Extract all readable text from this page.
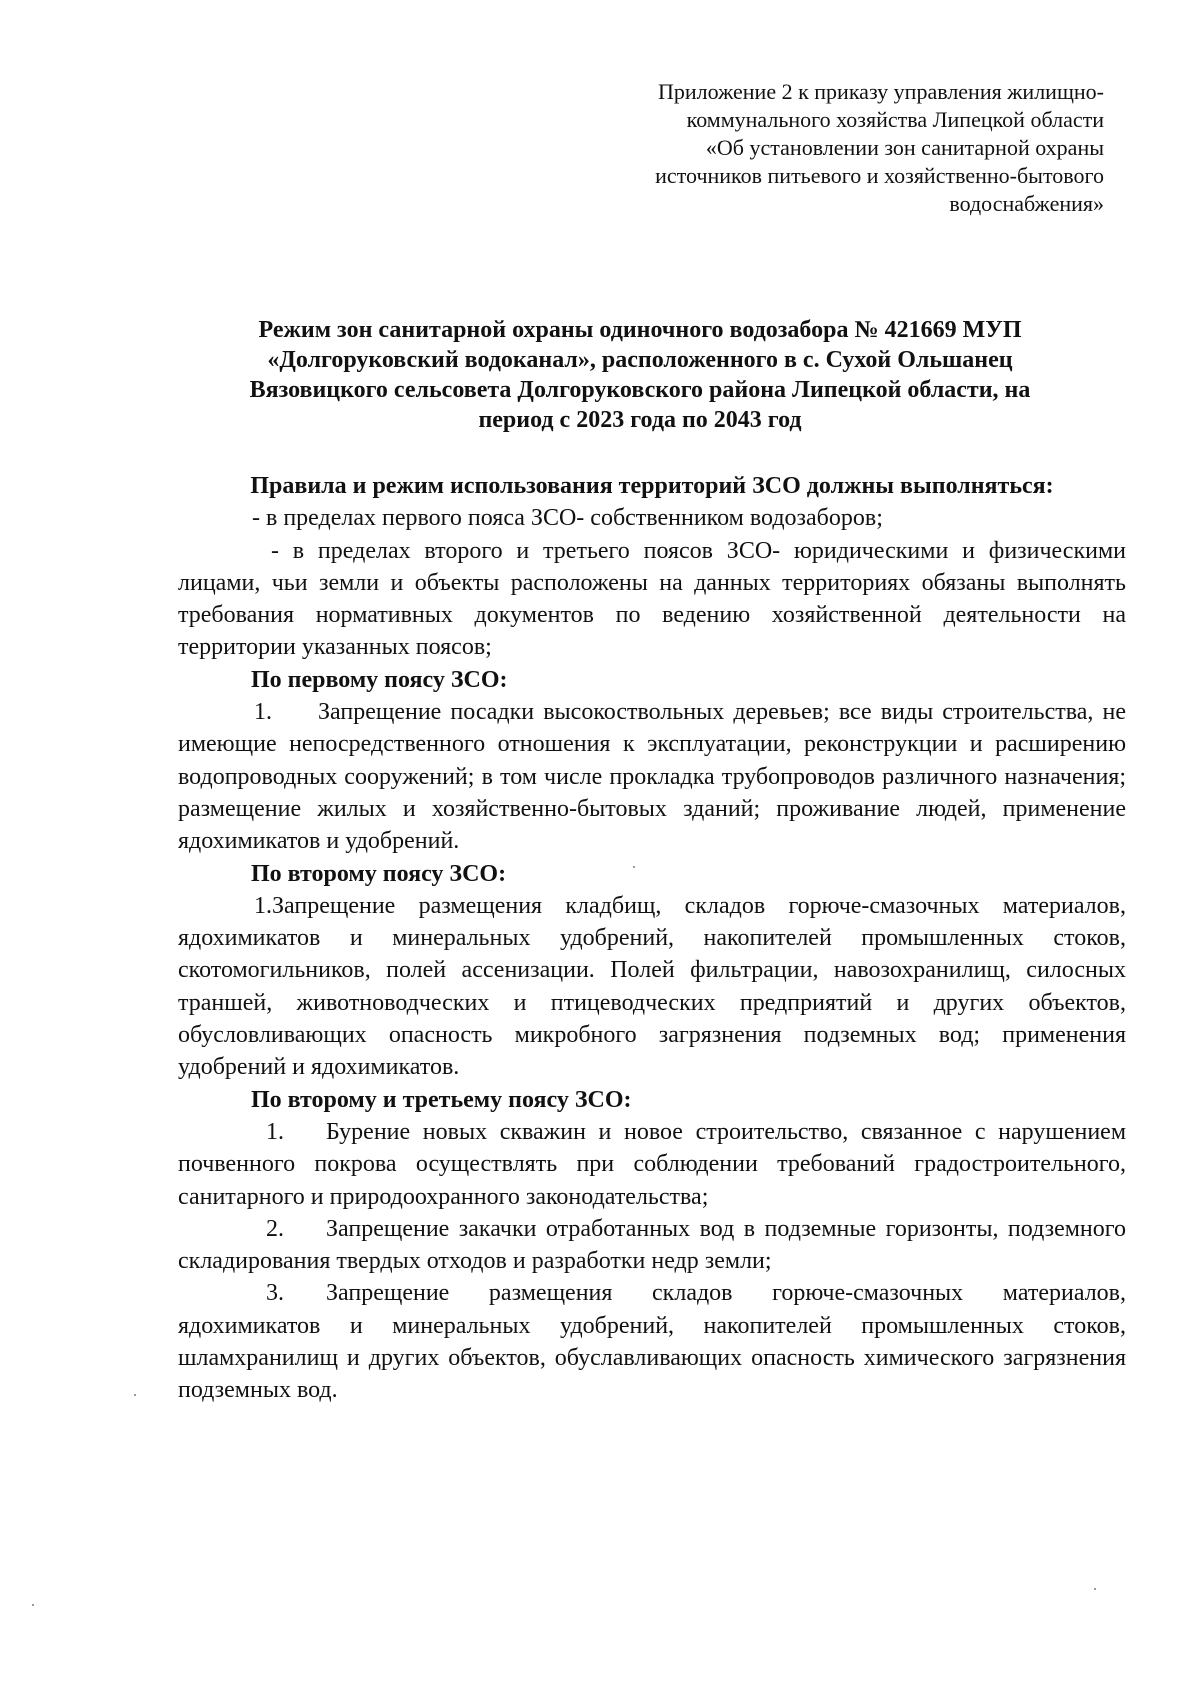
Приложение 2 к приказу управления жилищно-
коммунального хозяйства Липецкой области
«Об установлении зон санитарной охраны
источников питьевого и хозяйственно-бытового
водоснабжения»
Режим зон санитарной охраны одиночного водозабора № 421669 МУП
«Долгоруковский водоканал», расположенного в с. Сухой Ольшанец
Вязовицкого сельсовета Долгоруковского района Липецкой области, на
период с 2023 года по 2043 год
Правила и режим использования территорий ЗСО должны выполняться:
- в пределах первого пояса ЗСО- собственником водозаборов;
- в пределах второго и третьего поясов ЗСО- юридическими и физическими лицами, чьи земли и объекты расположены на данных территориях обязаны выполнять требования нормативных документов по ведению хозяйственной деятельности на территории указанных поясов;
По первому поясу ЗСО:
1. Запрещение посадки высокоствольных деревьев; все виды строительства, не имеющие непосредственного отношения к эксплуатации, реконструкции и расширению водопроводных сооружений; в том числе прокладка трубопроводов различного назначения; размещение жилых и хозяйственно-бытовых зданий; проживание людей, применение ядохимикатов и удобрений.
По второму поясу ЗСО:
1.Запрещение размещения кладбищ, складов горюче-смазочных материалов, ядохимикатов и минеральных удобрений, накопителей промышленных стоков, скотомогильников, полей ассенизации. Полей фильтрации, навозохранилищ, силосных траншей, животноводческих и птицеводческих предприятий и других объектов, обусловливающих опасность микробного загрязнения подземных вод; применения удобрений и ядохимикатов.
По второму и третьему поясу ЗСО:
1. Бурение новых скважин и новое строительство, связанное с нарушением почвенного покрова осуществлять при соблюдении требований градостроительного, санитарного и природоохранного законодательства;
2. Запрещение закачки отработанных вод в подземные горизонты, подземного складирования твердых отходов и разработки недр земли;
3. Запрещение размещения складов горюче-смазочных материалов, ядохимикатов и минеральных удобрений, накопителей промышленных стоков, шламхранилищ и других объектов, обуславливающих опасность химического загрязнения подземных вод.
